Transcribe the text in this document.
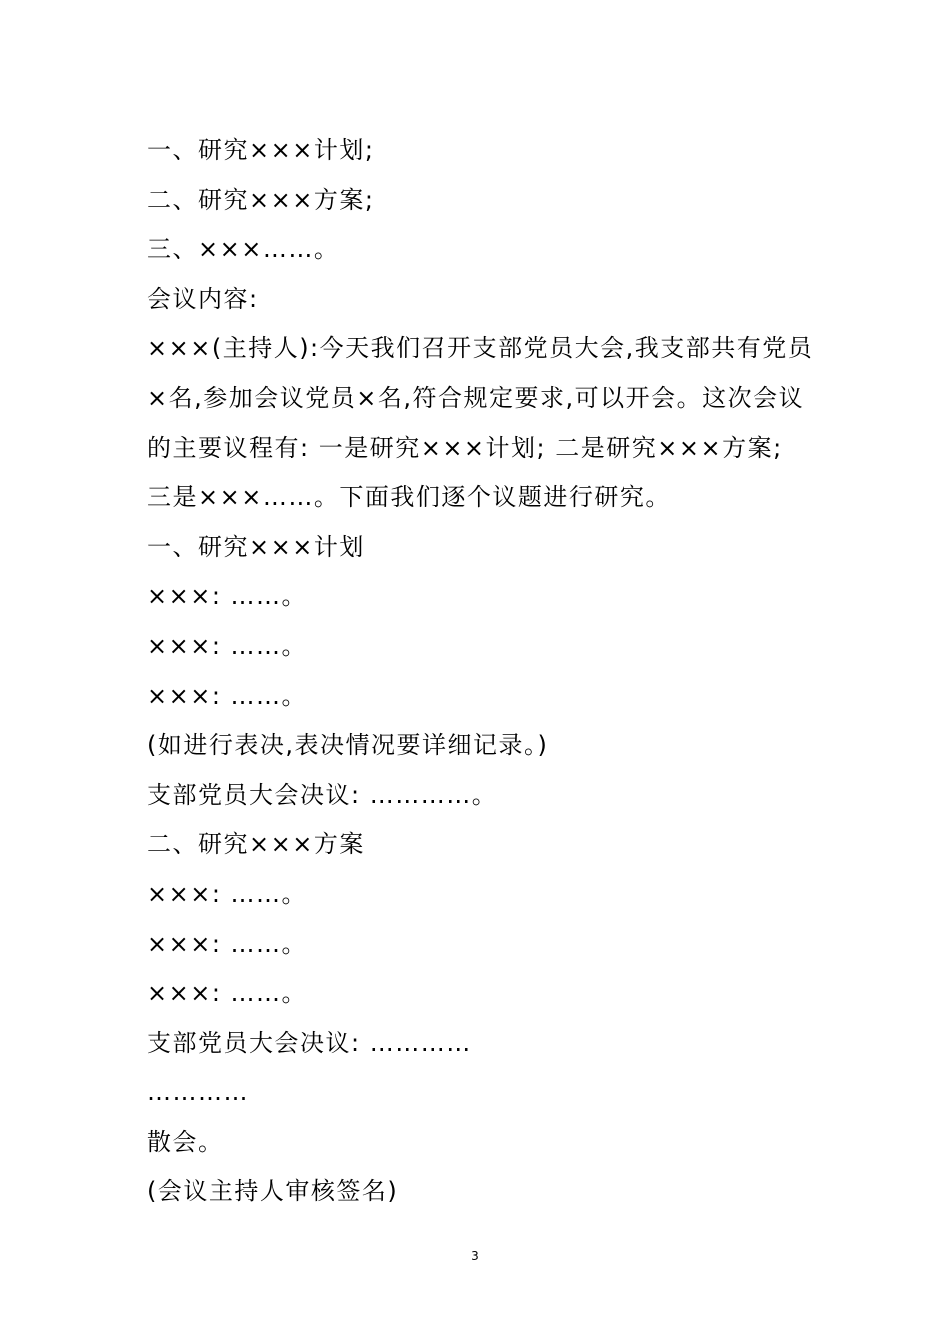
一、研究×××计划;

二、研究×××方案;

三、×××……。

会议内容:

×××(主持人):今天我们召开支部党员大会,我支部共有党员×名,参加会议党员×名,符合规定要求,可以开会。这次会议的主要议程有: 一是研究×××计划; 二是研究×××方案; 三是×××……。下面我们逐个议题进行研究。

一、研究×××计划

×××: ……。

×××: ……。

×××: ……。

(如进行表决,表决情况要详细记录。)

支部党员大会决议: …………。

二、研究×××方案

×××: ……。

×××: ……。

×××: ……。

支部党员大会决议: …………

…………

散会。

(会议主持人审核签名)

3
